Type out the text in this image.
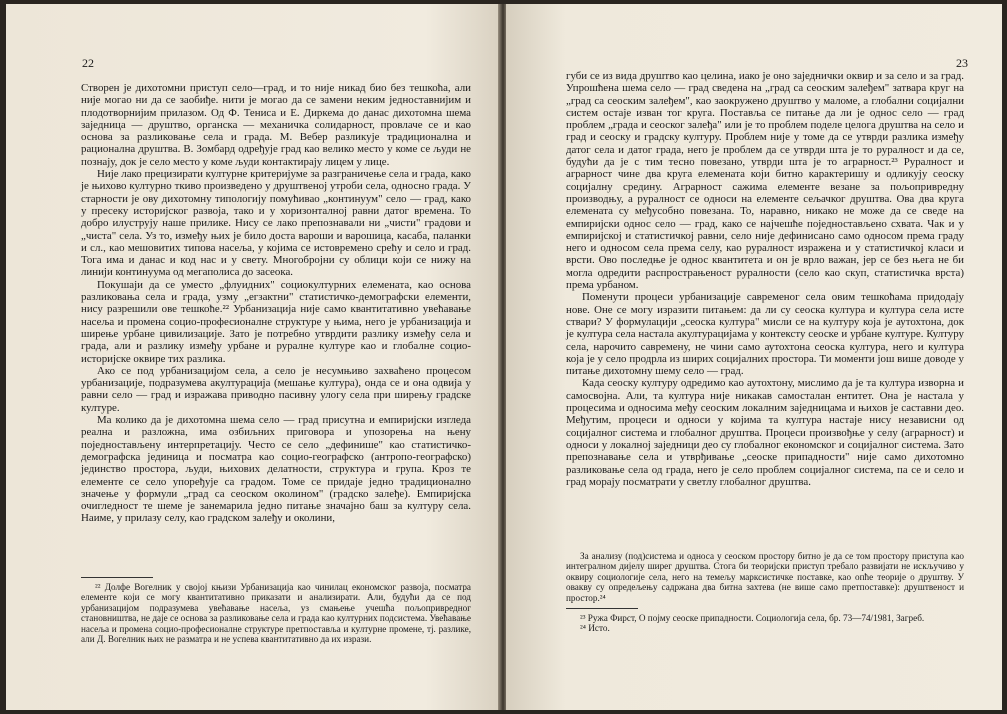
22

Створен је дихотомни приступ село—град, и то није никад био без тешкоћа, али није могао ни да се заобиђе. нити је могао да се замени неким једноставнијим и плодотворнијим прилазом. Од Ф. Тениса и Е. Диркема до данас дихотомна шема заједница — друштво, органска — механичка солидарност, провлаче се и као основа за разликовање села и града. М. Вебер разликује традиционална и рационална друштва. В. Зомбард одређује град као велико место у коме се људи не познају, док је село место у коме људи контактирају лицем у лице.

Није лако прецизирати културне критеријуме за разграничење села и града, како је њихово културно ткиво произведено у друштвеној утроби села, односно града. У старности је ову дихотомну типологију помућивао „континуум" село — град, како у пресеку историјског развоја, тако и у хоризонталној равни датог времена. То добро илуструју наше прилике. Нису се лако препознавали ни „чисти" градови и „чиста" села. Уз то, између њих је било доста вароши и варошица, касаба, паланки и сл., као мешовитих типова насеља, у којима се истовремено срећу и село и град. Тога има и данас и код нас и у свету. Многобројни су облици који се нижу на линији континуума од мегаполиса до засеока.

Покушаји да се уместо „флуидних" социокултурних елемената, као основа разликовања села и града, узму „егзактни" статистичко-демографски елементи, нису разрешили ове тешкоће.²² Урбанизација није само квантитативно увећавање насеља и промена социо-професионалне структуре у њима, него је урбанизација и ширење урбане цивилизације. Зато је потребно утврдити разлику између села и града, али и разлику између урбане и руралне културе као и глобалне социо-историјске оквире тих разлика.

Ако се под урбанизацијом села, а село је несумњиво захваћено процесом урбанизације, подразумева акултурација (мешање култура), онда се и она одвија у равни село — град и изражава приводно пасивну улогу села при ширењу градске културе.

Ма колико да је дихотомна шема село — град присутна и емпиријски изгледа реална и разложна, има озбиљних приговора и упозорења на њену поједностављену интерпретацију. Често се село „дефинише" као статистичко-демографска јединица и посматра као социо-географско (антропо-географско) јединство простора, људи, њихових делатности, структура и група. Кроз те елементе се село упоређује са градом. Томе се придаје једно традиционално значење у формули „град са сеоском околином" (градско залеђе). Емпиријска очигледност те шеме је занемарила једно питање значајно баш за културу села. Наиме, у прилазу селу, као градском залеђу и околини,

²² Долфе Вогелник у својој књизи Урбанизација као чинилац економског развоја, посматра елементе који се могу квантитативно приказати и анализирати. Али, будући да се под урбанизацијом подразумева увећавање насеља, уз смањење учешћа пољопривредног становништва, не даје се основа за разликовање села и града као културних подсистема. Увећавање насеља и промена социо-професионалне структуре претпоставља и културне промене, тј. разлике, али Д. Вогелник њих не разматра и не успева квантитативно да их изрази.

23

губи се из вида друштво као целина, иако је оно заједнички оквир и за село и за град. Упрошћена шема село — град сведена на „град са сеоским залеђем" затвара круг на „град са сеоским залеђем", као заокружено друштво у маломе, а глобални социјални систем остаје изван тог круга. Постављa се питање да ли је однос село — град проблем „града и сеоског залеђа" или је то проблем поделе целога друштва на село и град и сеоску и градску културу. Проблем није у томе да се утврди разлика између датог села и датог града, него је проблем да се утврди шта је то руралност и да се, будући да је с тим тесно повезано, утврди шта је то аграрност.²³ Руралност и аграрност чине два круга елемената који битно карактеришу и одликују сеоску социјалну средину. Аграрност сажима елементе везане за пољопривредну производњу, а руралност се односи на елементе сељачког друштва. Ова два круга елемената су међусобно повезана. То, наравно, никако не може да се сведе на емпиријски однос село — град, како се најчешће поједностављено схвата. Чак и у емпиријској и статистичкој равни, село није дефинисано само односом према граду него и односом села према селу, као руралност изражена и у статистичкој класи и врсти. Ово последње је однос квантитета и он је врло важан, јер се без њега не би могла одредити распрострањеност руралности (село као скуп, статистичка врста) према урбаном.

Поменути процеси урбанизације савременог села овим тешкоћама придодају нове. Оне се могу изразити питањем: да ли су сеоска култура и култура села исте ствари? У формулацији „сеоска култура" мисли се на културу која је аутохтона, док је култура села настала акултурацијама у контексту сеоске и урбане културе. Културу села, нарочито савремену, не чини само аутохтона сеоска култура, него и култура која је у село продрла из ширих социјалних простора. Ти моменти још више доводе у питање дихотомну шему село — град.

Када сеоску културу одредимо као аутохтону, мислимо да је та култура изворна и самосвојна. Али, та култура није никакав самосталан ентитет. Она је настала у процесима и односима међу сеоским локалним заједницама и њихов је саставни део. Међутим, процеси и односи у којима та култура настаје нису независни од социјалног система и глобалног друштва. Процеси произвођње у селу (аграрност) и односи у локалној заједници део су глобалног економског и социјалног система. Зато препознавање села и утврђивање „сеоске припадности" није само дихотомно разликовање села од града, него је село проблем социјалног система, па се и село и град морају посматрати у светлу глобалног друштва.

За анализу (под)система и односа у сеоском простору битно је да се том простору приступа као интегралном дијелу ширег друштва. Стога би теоријски приступ требало развијати не искључиво у оквиру социологије села, него на темељу марксистичке поставке, као опће теорије о друштву. У овакву су опредељењу садржана два битна захтева (не више само претпоставке): друштвеност и простор.²⁴

²³ Ружа Фирст, О појму сеоске припадности. Социологија села, бр. 73—74/1981, Загреб.

²⁴ Исто.
